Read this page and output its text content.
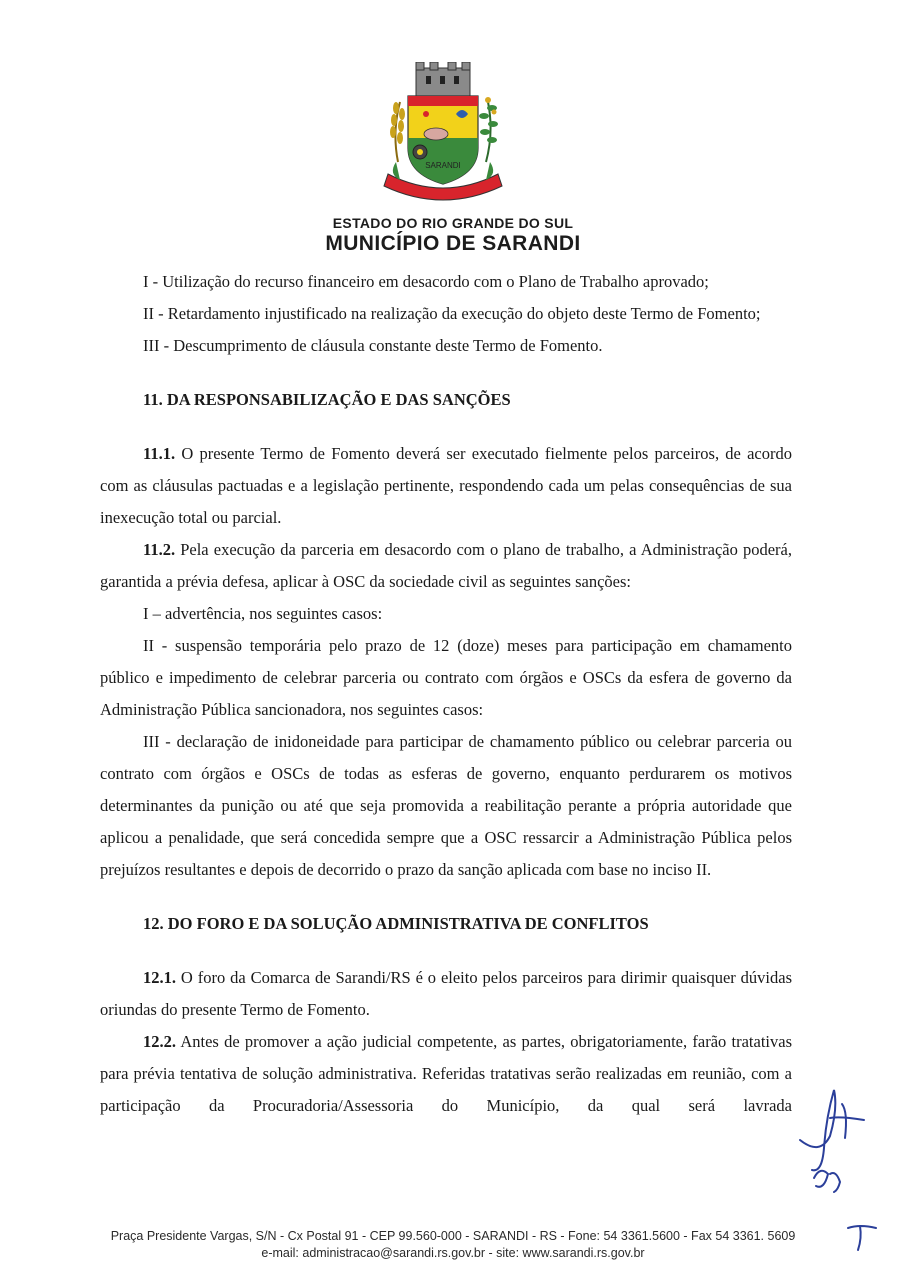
SARANDI
ESTADO DO RIO GRANDE DO SUL
MUNICÍPIO DE SARANDI

I - Utilização do recurso financeiro em desacordo com o Plano de Trabalho aprovado;

II - Retardamento injustificado na realização da execução do objeto deste Termo de Fomento;

III - Descumprimento de cláusula constante deste Termo de Fomento.

11. DA RESPONSABILIZAÇÃO E DAS SANÇÕES

11.1. O presente Termo de Fomento deverá ser executado fielmente pelos parceiros, de acordo com as cláusulas pactuadas e a legislação pertinente, respondendo cada um pelas consequências de sua inexecução total ou parcial.

11.2. Pela execução da parceria em desacordo com o plano de trabalho, a Administração poderá, garantida a prévia defesa, aplicar à OSC da sociedade civil as seguintes sanções:

I – advertência, nos seguintes casos:

II - suspensão temporária pelo prazo de 12 (doze) meses para participação em chamamento público e impedimento de celebrar parceria ou contrato com órgãos e OSCs da esfera de governo da Administração Pública sancionadora, nos seguintes casos:

III - declaração de inidoneidade para participar de chamamento público ou celebrar parceria ou contrato com órgãos e OSCs de todas as esferas de governo, enquanto perdurarem os motivos determinantes da punição ou até que seja promovida a reabilitação perante a própria autoridade que aplicou a penalidade, que será concedida sempre que a OSC ressarcir a Administração Pública pelos prejuízos resultantes e depois de decorrido o prazo da sanção aplicada com base no inciso II.

12. DO FORO E DA SOLUÇÃO ADMINISTRATIVA DE CONFLITOS

12.1. O foro da Comarca de Sarandi/RS é o eleito pelos parceiros para dirimir quaisquer dúvidas oriundas do presente Termo de Fomento.

12.2. Antes de promover a ação judicial competente, as partes, obrigatoriamente, farão tratativas para prévia tentativa de solução administrativa. Referidas tratativas serão realizadas em reunião, com a participação da Procuradoria/Assessoria do Município, da qual será lavrada

Praça Presidente Vargas, S/N - Cx Postal 91 - CEP 99.560-000 - SARANDI - RS - Fone: 54 3361.5600 - Fax 54 3361. 5609
e-mail: administracao@sarandi.rs.gov.br - site: www.sarandi.rs.gov.br
